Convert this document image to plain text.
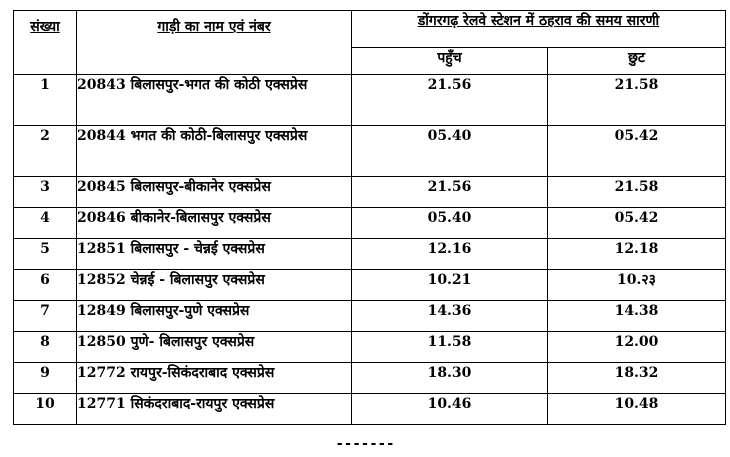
संख्या	गाड़ी का नाम एवं नंबर	डोंगरगढ़ रेलवे स्टेशन में ठहराव की समय सारणी	
		पहुँच	छुट
1	20843 बिलासपुर-भगत की कोठी एक्सप्रेस	21.56	21.58
2	20844 भगत की कोठी-बिलासपुर एक्सप्रेस	05.40	05.42
3	20845 बिलासपुर-बीकानेर एक्सप्रेस	21.56	21.58
4	20846 बीकानेर-बिलासपुर एक्सप्रेस	05.40	05.42
5	12851 बिलासपुर - चेन्नई एक्सप्रेस	12.16	12.18
6	12852 चेन्नई - बिलासपुर एक्सप्रेस	10.21	10.२३
7	12849 बिलासपुर-पुणे एक्सप्रेस	14.36	14.38
8	12850 पुणे- बिलासपुर एक्सप्रेस	11.58	12.00
9	12772 रायपुर-सिकंदराबाद एक्सप्रेस	18.30	18.32
10	12771 सिकंदराबाद-रायपुर एक्सप्रेस	10.46	10.48
-------
